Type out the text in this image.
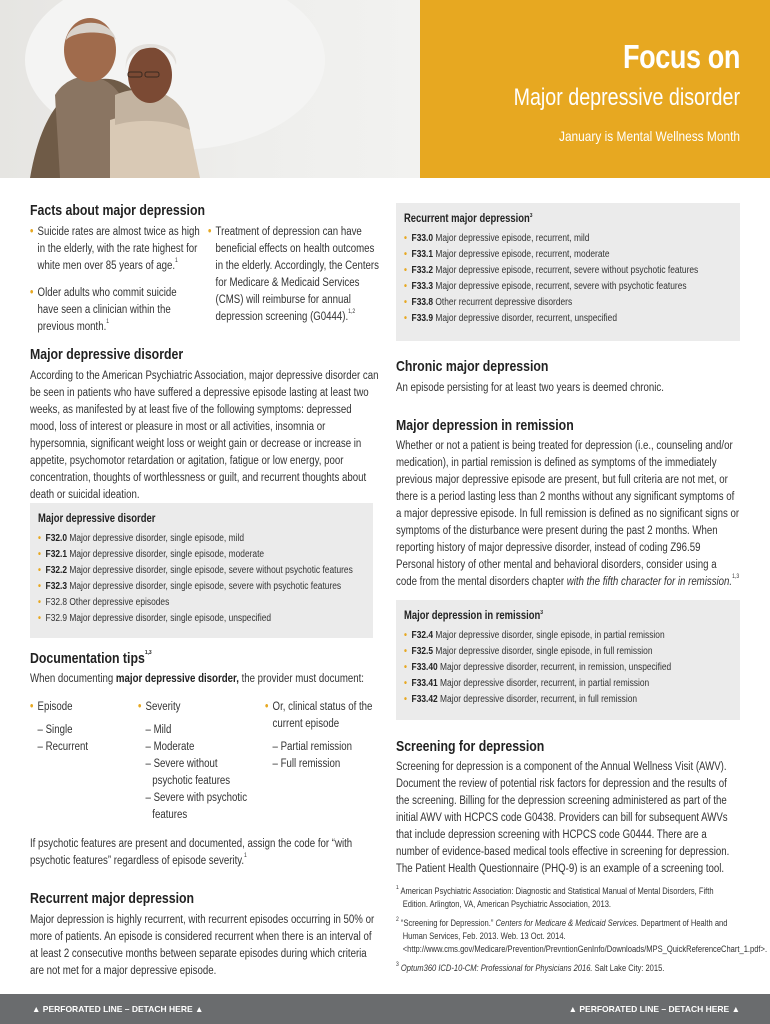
Focus on
Major depressive disorder
January is Mental Wellness Month
Facts about major depression
• Suicide rates are almost twice as high in the elderly, with the rate highest for white men over 85 years of age.$^1$
• Older adults who commit suicide have seen a clinician within the previous month.$^1$
• Treatment of depression can have beneficial effects on health outcomes in the elderly. Accordingly, the Centers for Medicare & Medicaid Services (CMS) will reimburse for annual depression screening (G0444).$^{1,2}$
Major depressive disorder

According to the American Psychiatric Association, major depressive disorder can be seen in patients who have suffered a depressive episode lasting at least two weeks, as manifested by at least five of the following symptoms: depressed mood, loss of interest or pleasure in most or all activities, insomnia or hypersomnia, significant weight loss or weight gain or decrease or increase in appetite, psychomotor retardation or agitation, fatigue or low energy, poor concentration, thoughts of worthlessness or guilt, and recurrent thoughts about death or suicidal ideation.

Major depressive disorder
• F32.0 Major depressive disorder, single episode, mild
• F32.1 Major depressive disorder, single episode, moderate
• F32.2 Major depressive disorder, single episode, severe without psychotic features
• F32.3 Major depressive disorder, single episode, severe with psychotic features
• F32.8 Other depressive episodes
• F32.9 Major depressive disorder, single episode, unspecified
Documentation tips$^{1,3}$

When documenting major depressive disorder, the provider must document:

• Episode

– Single

– Recurrent

• Severity

– Mild

– Moderate

– Severe without psychotic features

– Severe with psychotic features

• Or, clinical status of the current episode

– Partial remission

– Full remission

If psychotic features are present and documented, assign the code for “with psychotic features” regardless of episode severity.$^1$

Recurrent major depression

Major depression is highly recurrent, with recurrent episodes occurring in 50% or more of patients. An episode is considered recurrent when there is an interval of at least 2 consecutive months between separate episodes during which criteria are not met for a major depressive episode.

Recurrent major depression$^3$
• F33.0 Major depressive episode, recurrent, mild
• F33.1 Major depressive episode, recurrent, moderate
• F33.2 Major depressive episode, recurrent, severe without psychotic features
• F33.3 Major depressive episode, recurrent, severe with psychotic features
• F33.8 Other recurrent depressive disorders
• F33.9 Major depressive disorder, recurrent, unspecified
Chronic major depression

An episode persisting for at least two years is deemed chronic.

Major depression in remission

Whether or not a patient is being treated for depression (i.e., counseling and/or medication), in partial remission is defined as symptoms of the immediately previous major depressive episode are present, but full criteria are not met, or there is a period lasting less than 2 months without any significant symptoms of a major depressive episode. In full remission is defined as no significant signs or symptoms of the disturbance were present during the past 2 months. When reporting history of major depressive disorder, instead of coding Z96.59 Personal history of other mental and behavioral disorders, consider using a code from the mental disorders chapter with the fifth character for in remission.$^{1,3}$

Major depression in remission$^3$
• F32.4 Major depressive disorder, single episode, in partial remission
• F32.5 Major depressive disorder, single episode, in full remission
• F33.40 Major depressive disorder, recurrent, in remission, unspecified
• F33.41 Major depressive disorder, recurrent, in partial remission
• F33.42 Major depressive disorder, recurrent, in full remission
Screening for depression

Screening for depression is a component of the Annual Wellness Visit (AWV). Document the review of potential risk factors for depression and the results of the screening. Billing for the depression screening administered as part of the initial AWV with HCPCS code G0438. Providers can bill for subsequent AWVs that include depression screening with HCPCS code G0444. There are a number of evidence-based medical tools effective in screening for depression. The Patient Health Questionnaire (PHQ-9) is an example of a screening tool.

$^1$ American Psychiatric Association: Diagnostic and Statistical Manual of Mental Disorders, Fifth Edition. Arlington, VA, American Psychiatric Association, 2013.

$^2$ “Screening for Depression.” Centers for Medicare & Medicaid Services. Department of Health and Human Services, Feb. 2013. Web. 13 Oct. 2014. <http://www.cms.gov/Medicare/Prevention/PrevntionGenInfo/Downloads/MPS_QuickReferenceChart_1.pdf>.

$^3$ Optum360 ICD-10-CM: Professional for Physicians 2016. Salt Lake City: 2015.

▲ PERFORATED LINE – DETACH HERE ▲	▲ PERFORATED LINE – DETACH HERE ▲
